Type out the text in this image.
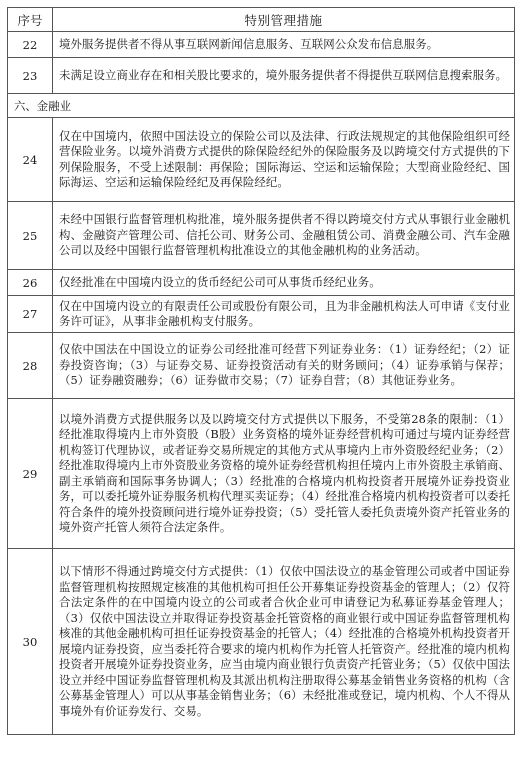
序号	特别管理措施
22	境外服务提供者不得从事互联网新闻信息服务、互联网公众发布信息服务。
23	未满足设立商业存在和相关股比要求的，境外服务提供者不得提供互联网信息搜索服务。
六、金融业	
24	仅在中国境内，依照中国法设立的保险公司以及法律、行政法规规定的其他保险组织可经营保险业务。以境外消费方式提供的除保险经纪外的保险服务及以跨境交付方式提供的下列保险服务，不受上述限制：再保险；国际海运、空运和运输保险；大型商业险经纪、国际海运、空运和运输保险经纪及再保险经纪。
25	未经中国银行监督管理机构批准，境外服务提供者不得以跨境交付方式从事银行业金融机构、金融资产管理公司、信托公司、财务公司、金融租赁公司、消费金融公司、汽车金融公司以及经中国银行监督管理机构批准设立的其他金融机构的业务活动。
26	仅经批准在中国境内设立的货币经纪公司可从事货币经纪业务。
27	仅在中国境内设立的有限责任公司或股份有限公司，且为非金融机构法人可申请《支付业务许可证》，从事非金融机构支付服务。
28	仅依中国法在中国设立的证券公司经批准可经营下列证券业务：（1）证券经纪；（2）证券投资咨询；（3）与证券交易、证券投资活动有关的财务顾问；（4）证券承销与保荐；（5）证券融资融券；（6）证券做市交易；（7）证券自营；（8）其他证券业务。
29	以境外消费方式提供服务以及以跨境交付方式提供以下服务，不受第28条的限制：（1）经批准取得境内上市外资股（B股）业务资格的境外证券经营机构可通过与境内证券经营机构签订代理协议，或者证券交易所规定的其他方式从事境内上市外资股经纪业务；（2）经批准取得境内上市外资股业务资格的境外证券经营机构担任境内上市外资股主承销商、副主承销商和国际事务协调人；（3）经批准的合格境内机构投资者开展境外证券投资业务，可以委托境外证券服务机构代理买卖证券；（4）经批准合格境内机构投资者可以委托符合条件的境外投资顾问进行境外证券投资；（5）受托管人委托负责境外资产托管业务的境外资产托管人须符合法定条件。
30	以下情形不得通过跨境交付方式提供：（1）仅依中国法设立的基金管理公司或者中国证券监督管理机构按照规定核准的其他机构可担任公开募集证券投资基金的管理人；（2）仅符合法定条件的在中国境内设立的公司或者合伙企业可申请登记为私募证券基金管理人；（3）仅依中国法设立并取得证券投资基金托管资格的商业银行或中国证券监督管理机构核准的其他金融机构可担任证券投资基金的托管人；（4）经批准的合格境外机构投资者开展境内证券投资，应当委托符合要求的境内机构作为托管人托管资产。经批准的境内机构投资者开展境外证券投资业务，应当由境内商业银行负责资产托管业务；（5）仅依中国法设立并经中国证券监督管理机构及其派出机构注册取得公募基金销售业务资格的机构（含公募基金管理人）可以从事基金销售业务；（6）未经批准或登记，境内机构、个人不得从事境外有价证券发行、交易。
